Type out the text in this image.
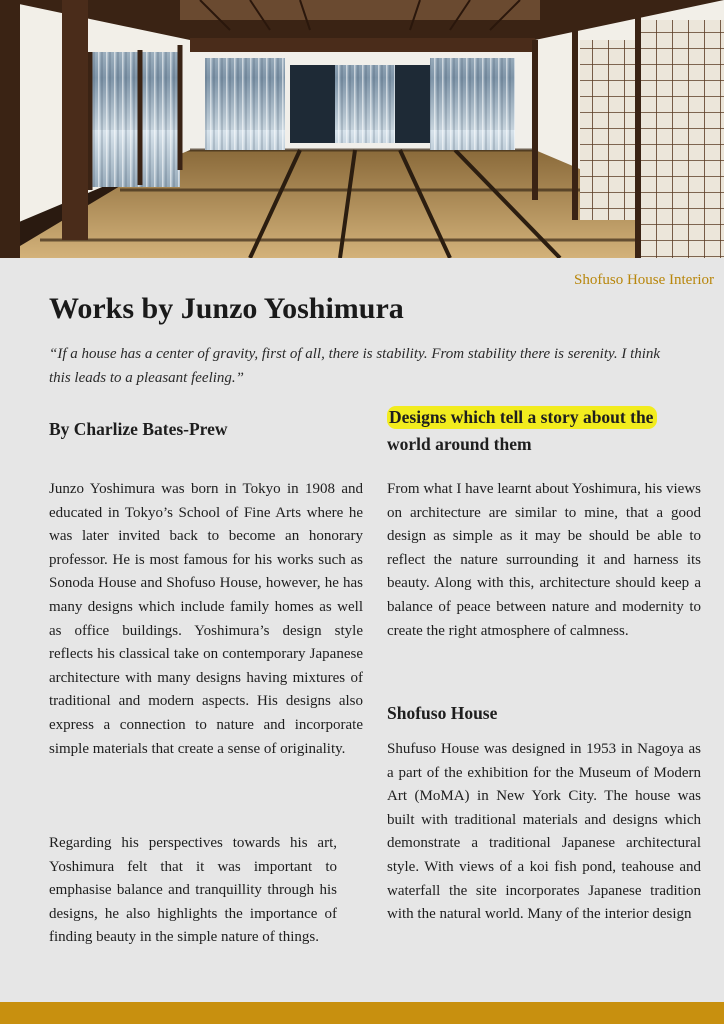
Shofuso House Interior
Works by Junzo Yoshimura
“If a house has a center of gravity, first of all, there is stability. From stability there is serenity. I think this leads to a pleasant feeling.”
By Charlize Bates-Prew
Designs which tell a story about the
world around them

Junzo Yoshimura was born in Tokyo in 1908 and educated in Tokyo’s School of Fine Arts where he was later invited back to become an honorary professor. He is most famous for his works such as Sonoda House and Shofuso House, however, he has many designs which include family homes as well as office buildings. Yoshimura’s design style reflects his classical take on contemporary Japanese architecture with many designs having mixtures of traditional and modern aspects. His designs also express a connection to nature and incorporate simple materials that create a sense of originality.

Regarding his perspectives towards his art, Yoshimura felt that it was important to emphasise balance and tranquillity through his designs, he also highlights the importance of finding beauty in the simple nature of things.

From what I have learnt about Yoshimura, his views on architecture are similar to mine, that a good design as simple as it may be should be able to reflect the nature surrounding it and harness its beauty. Along with this, architecture should keep a balance of peace between nature and modernity to create the right atmosphere of calmness.

Shofuso House

Shufuso House was designed in 1953 in Nagoya as a part of the exhibition for the Museum of Modern Art (MoMA) in New York City. The house was built with traditional materials and designs which demonstrate a traditional Japanese architectural style. With views of a koi fish pond, teahouse and waterfall the site incorporates Japanese tradition with the natural world. Many of the interior design
